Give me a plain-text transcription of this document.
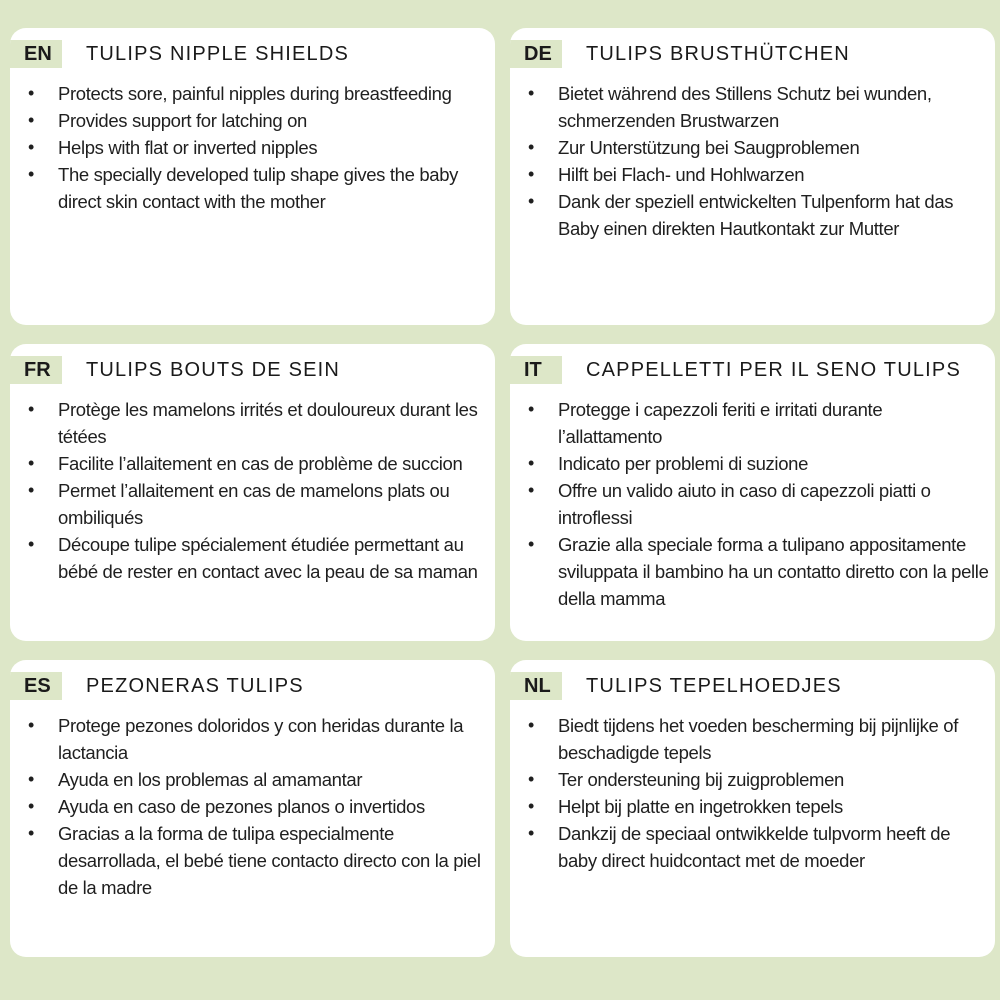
EN	TULIPS NIPPLE SHIELDS
• Protects sore, painful nipples during breastfeeding
• Provides support for latching on
• Helps with flat or inverted nipples
• The specially developed tulip shape gives the baby direct skin contact with the mother
DE	TULIPS BRUSTHÜTCHEN
• Bietet während des Stillens Schutz bei wunden, schmerzenden Brustwarzen
• Zur Unterstützung bei Saugproblemen
• Hilft bei Flach- und Hohlwarzen
• Dank der speziell entwickelten Tulpenform hat das Baby einen direkten Hautkontakt zur Mutter
FR	TULIPS BOUTS DE SEIN
• Protège les mamelons irrités et douloureux durant les tétées
• Facilite l’allaitement en cas de problème de succion
• Permet l’allaitement en cas de mamelons plats ou ombiliqués
• Découpe tulipe spécialement étudiée permettant au bébé de rester en contact avec la peau de sa maman
IT	CAPPELLETTI PER IL SENO TULIPS
• Protegge i capezzoli feriti e irritati durante l’allattamento
• Indicato per problemi di suzione
• Offre un valido aiuto in caso di capezzoli piatti o introflessi
• Grazie alla speciale forma a tulipano appositamente sviluppata il bambino ha un contatto diretto con la pelle della mamma
ES	PEZONERAS TULIPS
• Protege pezones doloridos y con heridas durante la lactancia
• Ayuda en los problemas al amamantar
• Ayuda en caso de pezones planos o invertidos
• Gracias a la forma de tulipa especialmente desarrollada, el bebé tiene contacto directo con la piel de la madre
NL	TULIPS TEPELHOEDJES
• Biedt tijdens het voeden bescherming bij pijnlijke of beschadigde tepels
• Ter ondersteuning bij zuigproblemen
• Helpt bij platte en ingetrokken tepels
• Dankzij de speciaal ontwikkelde tulpvorm heeft de baby direct huidcontact met de moeder
